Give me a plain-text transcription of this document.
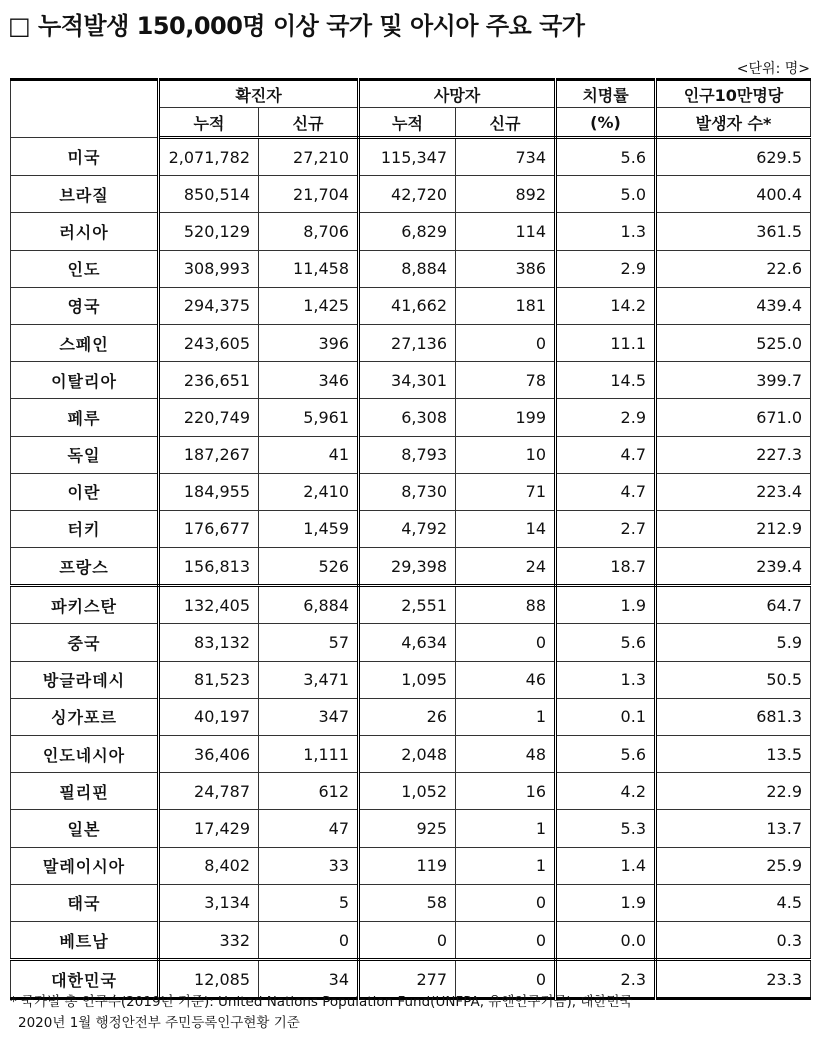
□ 누적발생 150,000명 이상 국가 및 아시아 주요 국가
<단위: 명>
	확진자		사망자		치명률	인구10만명당
	누적	신규	누적	신규	(%)	발생자 수*
미국	2,071,782	27,210	115,347	734	5.6	629.5
브라질	850,514	21,704	42,720	892	5.0	400.4
러시아	520,129	8,706	6,829	114	1.3	361.5
인도	308,993	11,458	8,884	386	2.9	22.6
영국	294,375	1,425	41,662	181	14.2	439.4
스페인	243,605	396	27,136	0	11.1	525.0
이탈리아	236,651	346	34,301	78	14.5	399.7
페루	220,749	5,961	6,308	199	2.9	671.0
독일	187,267	41	8,793	10	4.7	227.3
이란	184,955	2,410	8,730	71	4.7	223.4
터키	176,677	1,459	4,792	14	2.7	212.9
프랑스	156,813	526	29,398	24	18.7	239.4
파키스탄	132,405	6,884	2,551	88	1.9	64.7
중국	83,132	57	4,634	0	5.6	5.9
방글라데시	81,523	3,471	1,095	46	1.3	50.5
싱가포르	40,197	347	26	1	0.1	681.3
인도네시아	36,406	1,111	2,048	48	5.6	13.5
필리핀	24,787	612	1,052	16	4.2	22.9
일본	17,429	47	925	1	5.3	13.7
말레이시아	8,402	33	119	1	1.4	25.9
태국	3,134	5	58	0	1.9	4.5
베트남	332	0	0	0	0.0	0.3
대한민국	12,085	34	277	0	2.3	23.3
* 국가별 총 인구수(2019년 기준): United Nations Population Fund(UNFPA, 유엔인구기금), 대한민국
2020년 1월 행정안전부 주민등록인구현황 기준
